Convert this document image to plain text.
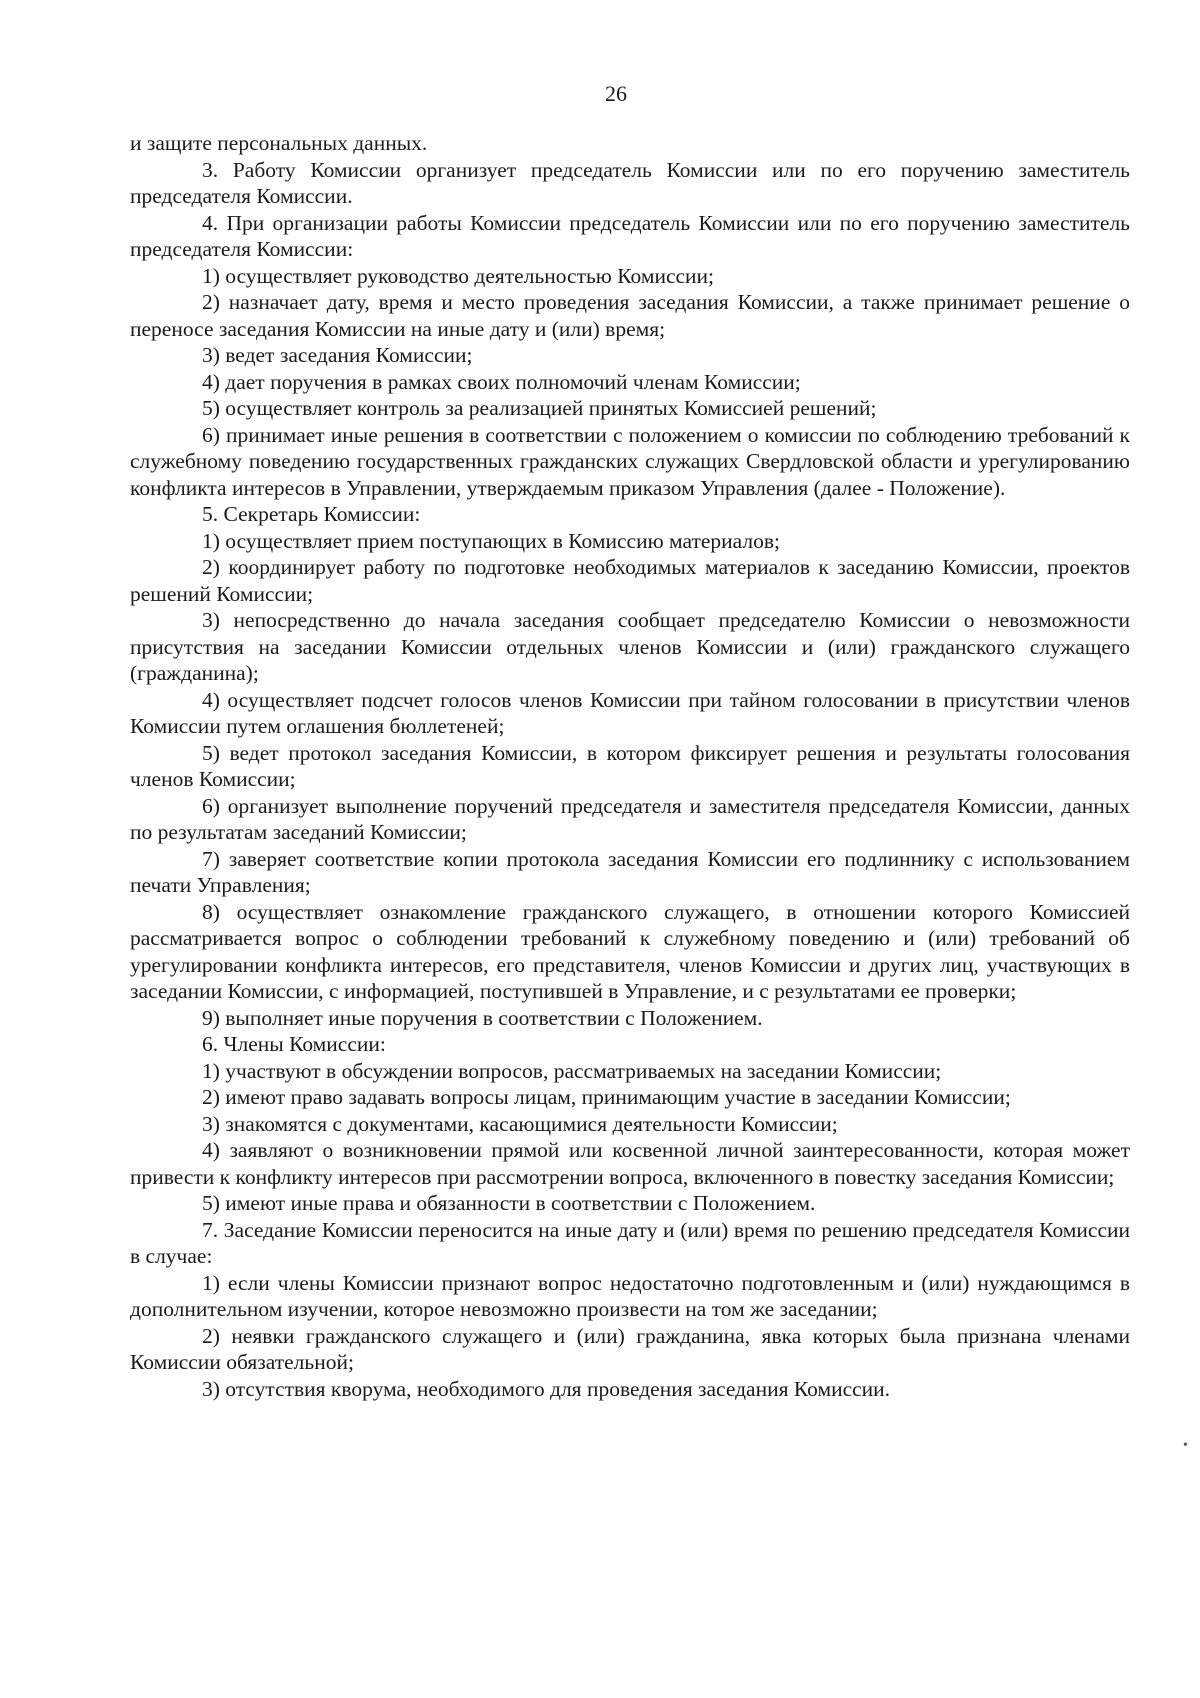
26

и защите персональных данных.

3. Работу Комиссии организует председатель Комиссии или по его поручению заместитель председателя Комиссии.

4. При организации работы Комиссии председатель Комиссии или по его поручению заместитель председателя Комиссии:

1) осуществляет руководство деятельностью Комиссии;

2) назначает дату, время и место проведения заседания Комиссии, а также принимает решение о переносе заседания Комиссии на иные дату и (или) время;

3) ведет заседания Комиссии;

4) дает поручения в рамках своих полномочий членам Комиссии;

5) осуществляет контроль за реализацией принятых Комиссией решений;

6) принимает иные решения в соответствии с положением о комиссии по соблюдению требований к служебному поведению государственных гражданских служащих Свердловской области и урегулированию конфликта интересов в Управлении, утверждаемым приказом Управления (далее - Положение).

5. Секретарь Комиссии:

1) осуществляет прием поступающих в Комиссию материалов;

2) координирует работу по подготовке необходимых материалов к заседанию Комиссии, проектов решений Комиссии;

3) непосредственно до начала заседания сообщает председателю Комиссии о невозможности присутствия на заседании Комиссии отдельных членов Комиссии и (или) гражданского служащего (гражданина);

4) осуществляет подсчет голосов членов Комиссии при тайном голосовании в присутствии членов Комиссии путем оглашения бюллетеней;

5) ведет протокол заседания Комиссии, в котором фиксирует решения и результаты голосования членов Комиссии;

6) организует выполнение поручений председателя и заместителя председателя Комиссии, данных по результатам заседаний Комиссии;

7) заверяет соответствие копии протокола заседания Комиссии его подлиннику с использованием печати Управления;

8) осуществляет ознакомление гражданского служащего, в отношении которого Комиссией рассматривается вопрос о соблюдении требований к служебному поведению и (или) требований об урегулировании конфликта интересов, его представителя, членов Комиссии и других лиц, участвующих в заседании Комиссии, с информацией, поступившей в Управление, и с результатами ее проверки;

9) выполняет иные поручения в соответствии с Положением.

6. Члены Комиссии:

1) участвуют в обсуждении вопросов, рассматриваемых на заседании Комиссии;

2) имеют право задавать вопросы лицам, принимающим участие в заседании Комиссии;

3) знакомятся с документами, касающимися деятельности Комиссии;

4) заявляют о возникновении прямой или косвенной личной заинтересованности, которая может привести к конфликту интересов при рассмотрении вопроса, включенного в повестку заседания Комиссии;

5) имеют иные права и обязанности в соответствии с Положением.

7. Заседание Комиссии переносится на иные дату и (или) время по решению председателя Комиссии в случае:

1) если члены Комиссии признают вопрос недостаточно подготовленным и (или) нуждающимся в дополнительном изучении, которое невозможно произвести на том же заседании;

2) неявки гражданского служащего и (или) гражданина, явка которых была признана членами Комиссии обязательной;

3) отсутствия кворума, необходимого для проведения заседания Комиссии.

•
